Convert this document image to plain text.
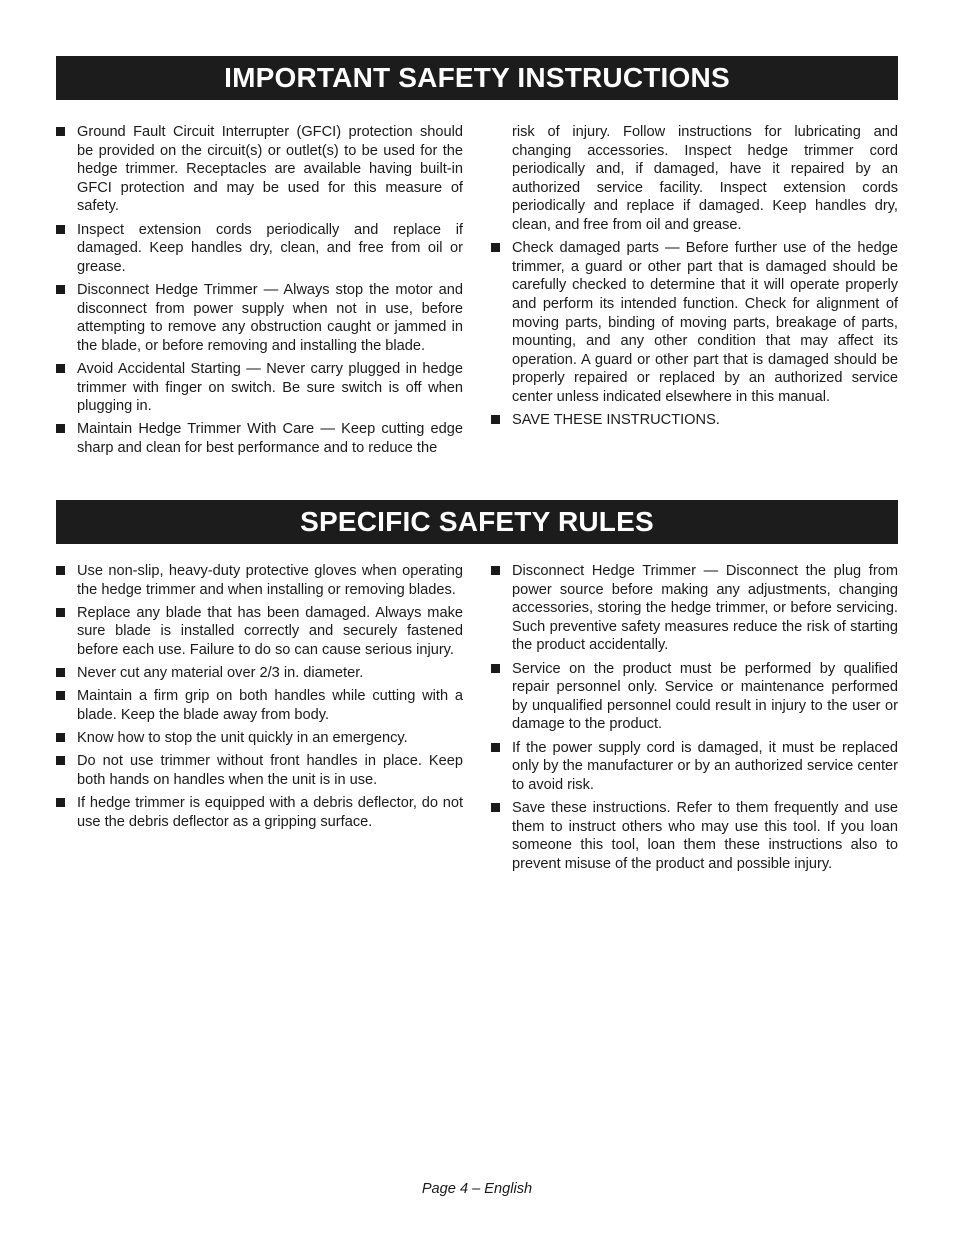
IMPORTANT SAFETY INSTRUCTIONS
Ground Fault Circuit Interrupter (GFCI) protection should be provided on the circuit(s) or outlet(s) to be used for the hedge trimmer. Receptacles are available having built-in GFCI protection and may be used for this measure of safety.
Inspect extension cords periodically and replace if damaged. Keep handles dry, clean, and free from oil or grease.
Disconnect Hedge Trimmer — Always stop the motor and disconnect from power supply when not in use, before attempting to remove any obstruction caught or jammed in the blade, or before removing and installing the blade.
Avoid Accidental Starting — Never carry plugged in hedge trimmer with finger on switch. Be sure switch is off when plugging in.
Maintain Hedge Trimmer With Care — Keep cutting edge sharp and clean for best performance and to reduce the
risk of injury. Follow instructions for lubricating and changing accessories. Inspect hedge trimmer cord periodically and, if damaged, have it repaired by an authorized service facility. Inspect extension cords periodically and replace if damaged. Keep handles dry, clean, and free from oil and grease.
Check damaged parts — Before further use of the hedge trimmer, a guard or other part that is damaged should be carefully checked to determine that it will operate properly and perform its intended function. Check for alignment of moving parts, binding of moving parts, breakage of parts, mounting, and any other condition that may affect its operation. A guard or other part that is damaged should be properly repaired or replaced by an authorized service center unless indicated elsewhere in this manual.
SAVE THESE INSTRUCTIONS.
SPECIFIC SAFETY RULES
Use non-slip, heavy-duty protective gloves when operating the hedge trimmer and when installing or removing blades.
Replace any blade that has been damaged. Always make sure blade is installed correctly and securely fastened before each use. Failure to do so can cause serious injury.
Never cut any material over 2/3 in. diameter.
Maintain a firm grip on both handles while cutting with a blade. Keep the blade away from body.
Know how to stop the unit quickly in an emergency.
Do not use trimmer without front handles in place. Keep both hands on handles when the unit is in use.
If hedge trimmer is equipped with a debris deflector, do not use the debris deflector as a gripping surface.
Disconnect Hedge Trimmer — Disconnect the plug from power source before making any adjustments, changing accessories, storing the hedge trimmer, or before servicing. Such preventive safety measures reduce the risk of starting the product accidentally.
Service on the product must be performed by qualified repair personnel only. Service or maintenance performed by unqualified personnel could result in injury to the user or damage to the product.
If the power supply cord is damaged, it must be replaced only by the manufacturer or by an authorized service center to avoid risk.
Save these instructions. Refer to them frequently and use them to instruct others who may use this tool. If you loan someone this tool, loan them these instructions also to prevent misuse of the product and possible injury.
Page 4 – English
